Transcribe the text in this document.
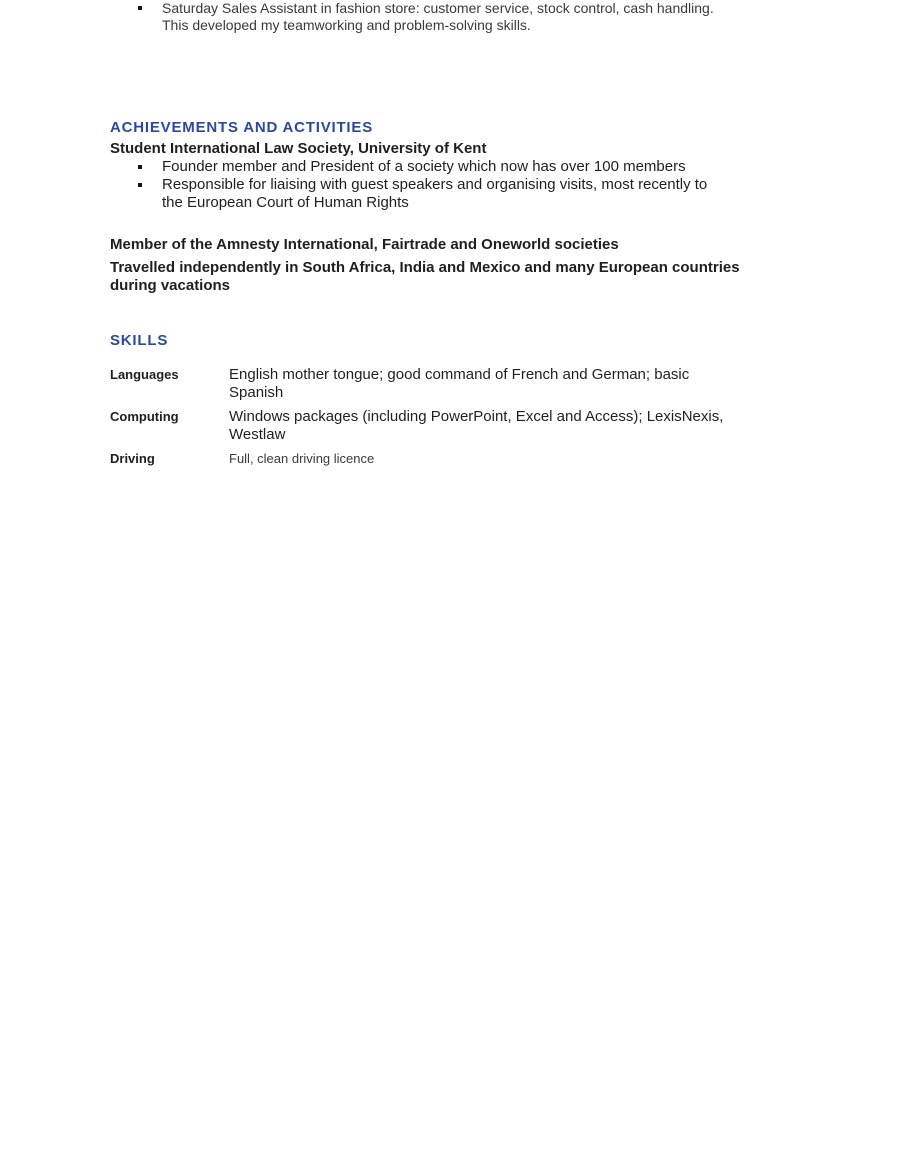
Saturday Sales Assistant in fashion store: customer service, stock control, cash handling. This developed my teamworking and problem-solving skills.
ACHIEVEMENTS AND ACTIVITIES
Student International Law Society, University of Kent
Founder member and President of a society which now has over 100 members
Responsible for liaising with guest speakers and organising visits, most recently to the European Court of Human Rights

Member of the Amnesty International, Fairtrade and Oneworld societies

Travelled independently in South Africa, India and Mexico and many European countries during vacations

SKILLS
Languages	English mother tongue; good command of French and German; basic Spanish
Computing	Windows packages (including PowerPoint, Excel and Access); LexisNexis, Westlaw
Driving	Full, clean driving licence
